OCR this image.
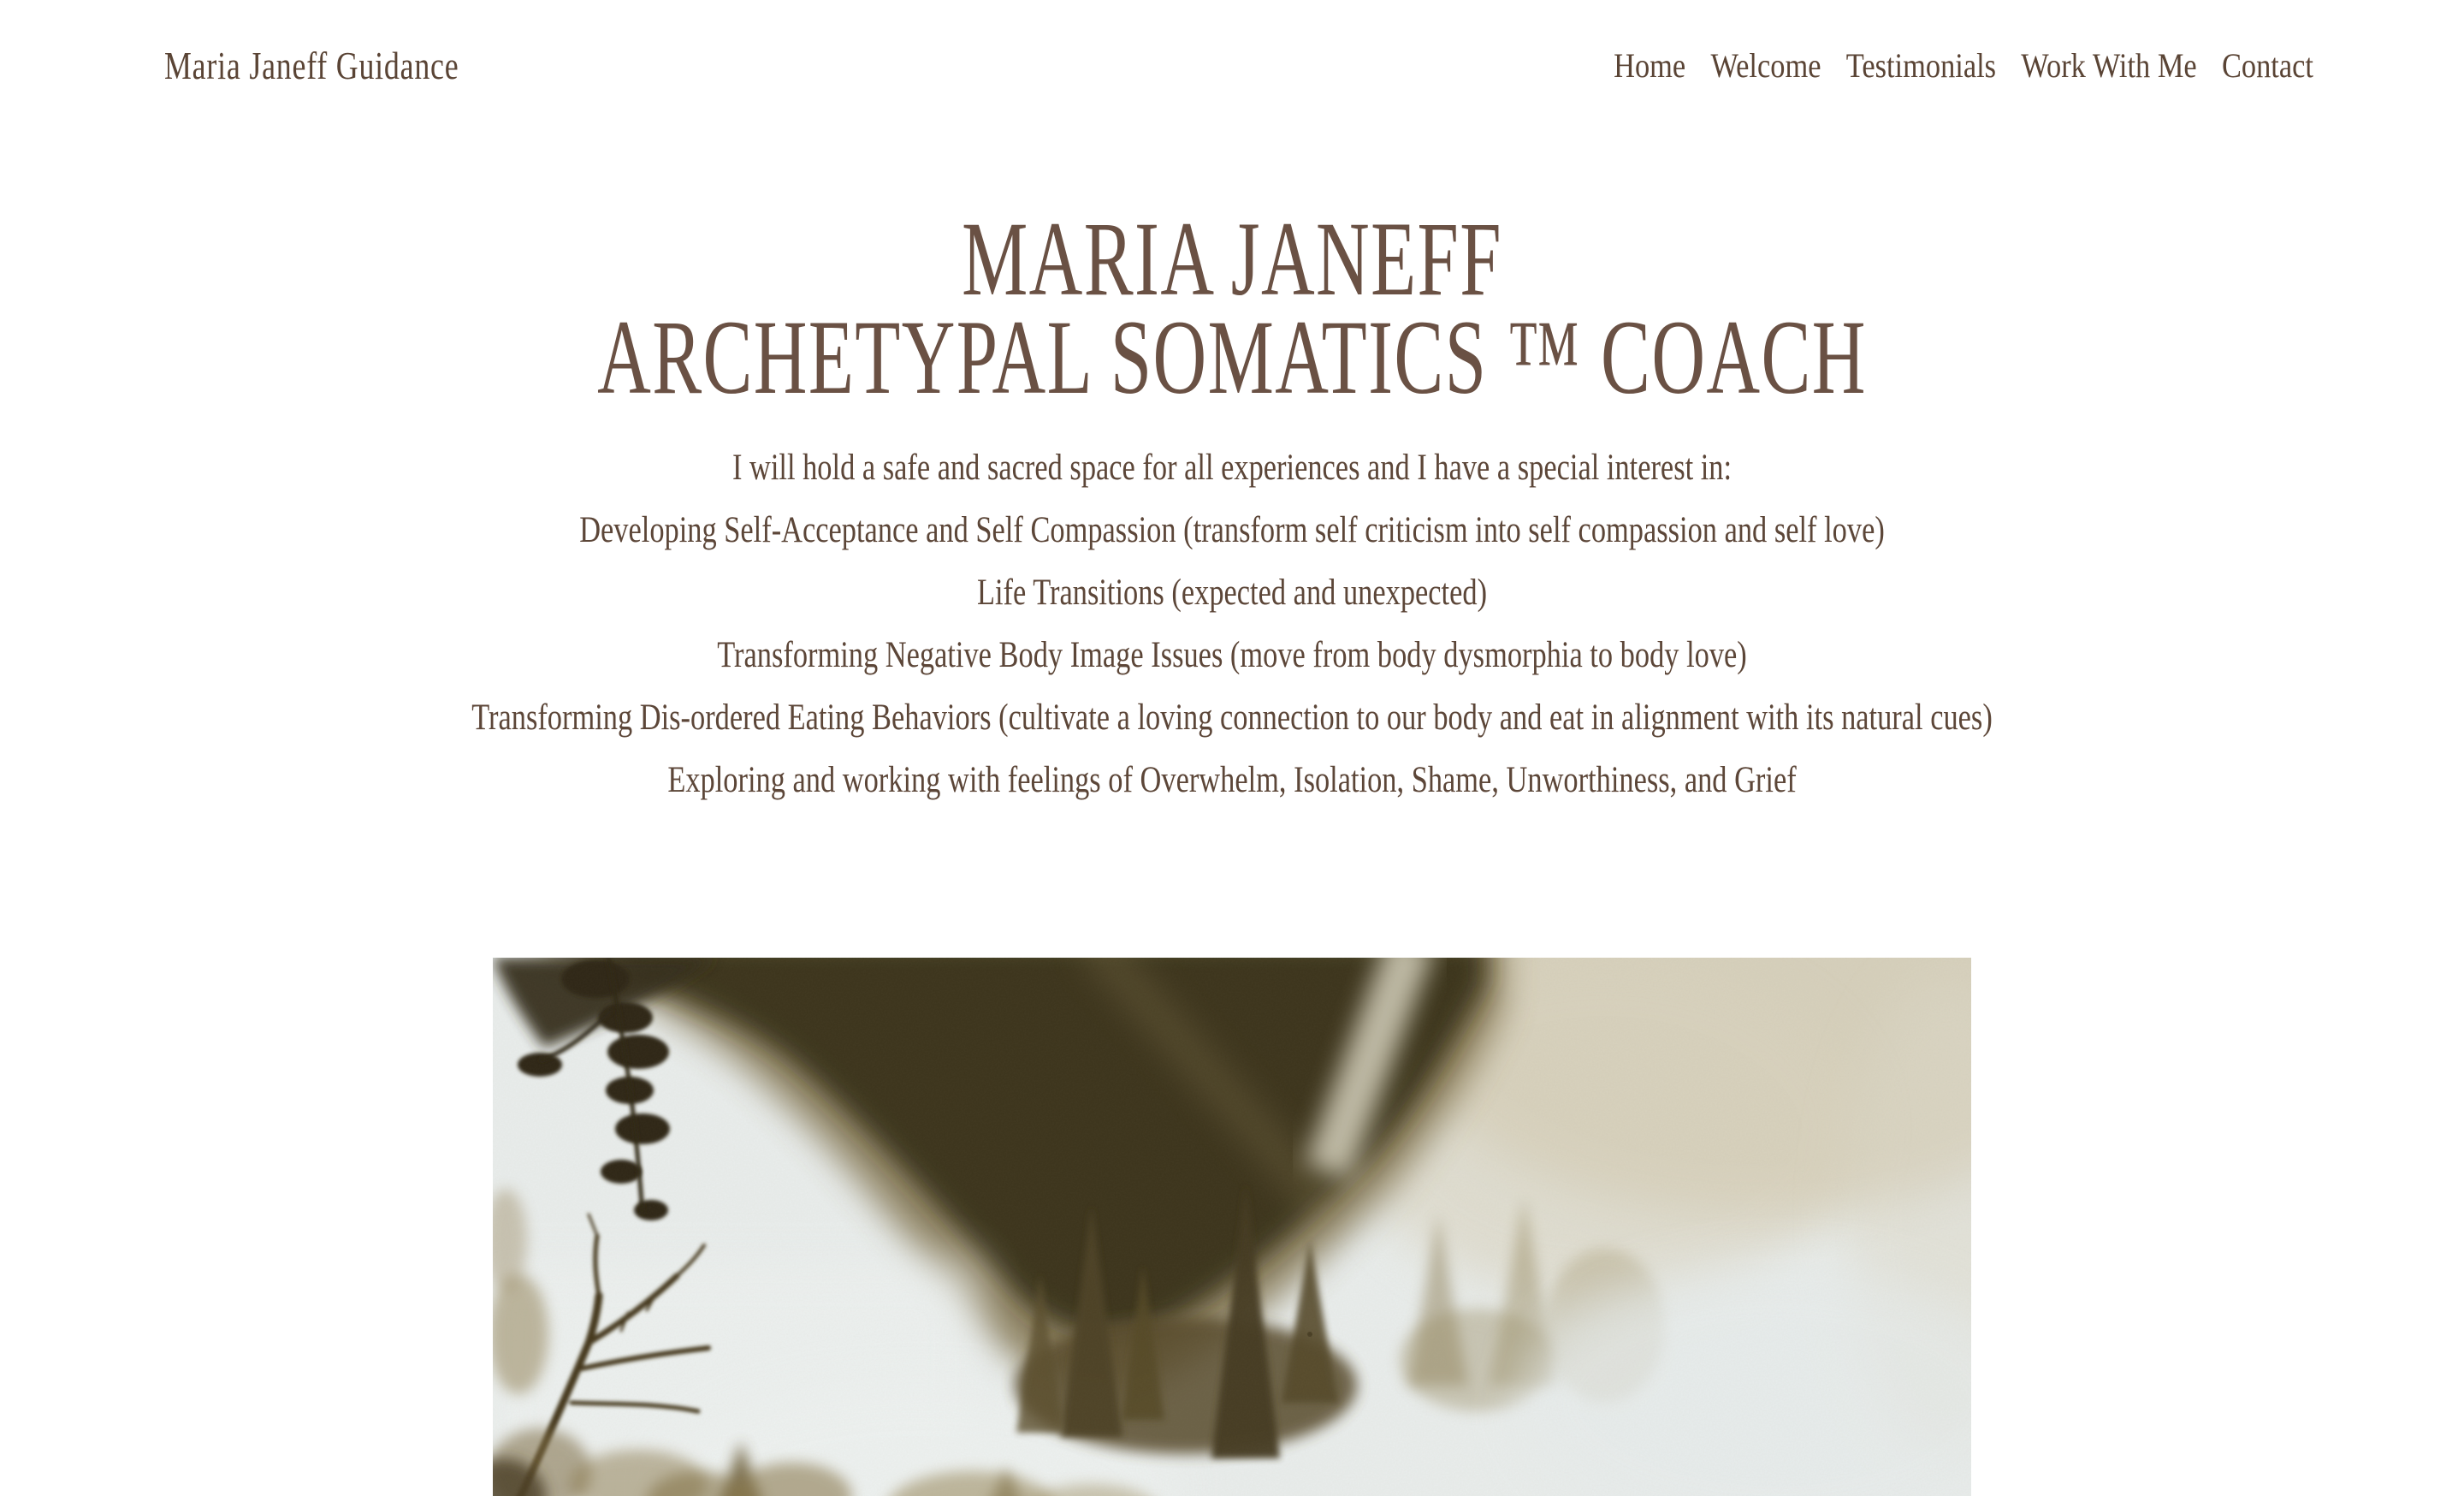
Maria Janeff Guidance	Home Welcome Testimonials Work With Me Contact
MARIA JANEFF
ARCHETYPAL SOMATICS ™ COACH

I will hold a safe and sacred space for all experiences and I have a special interest in:

Developing Self-Acceptance and Self Compassion (transform self criticism into self compassion and self love)

Life Transitions (expected and unexpected)

Transforming Negative Body Image Issues (move from body dysmorphia to body love)

Transforming Dis-ordered Eating Behaviors (cultivate a loving connection to our body and eat in alignment with its natural cues)

Exploring and working with feelings of Overwhelm, Isolation, Shame, Unworthiness, and Grief
